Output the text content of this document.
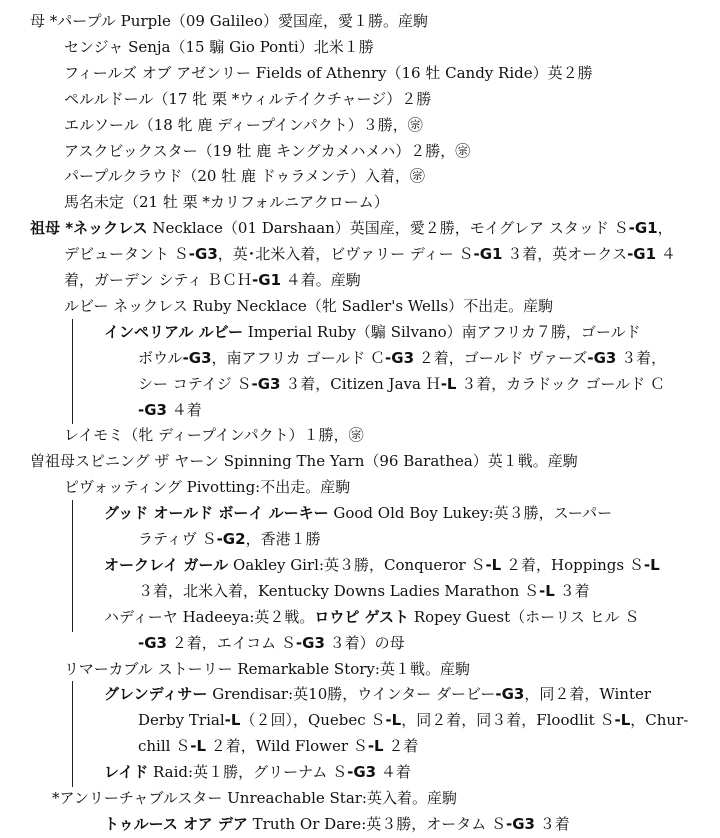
母 *パープル Purple（09 Galileo）愛国産，愛１勝。産駒
センジャ Senja（15 騸 Gio Ponti）北米１勝
フィールズ オブ アゼンリー Fields of Athenry（16 牡 Candy Ride）英２勝
ペルルドール（17 牝 栗 *ウィルテイクチャージ）２勝
エルソール（18 牝 鹿 ディープインパクト）３勝，㊪
アスクビックスター（19 牡 鹿 キングカメハメハ）２勝，㊪
パープルクラウド（20 牡 鹿 ドゥラメンテ）入着，㊪
馬名未定（21 牡 栗 *カリフォルニアクローム）
祖母 *ネックレス Necklace（01 Darshaan）英国産，愛２勝，モイグレア スタッド Ｓ-G1，
デビュータント Ｓ-G3，英･北米入着，ビヴァリー ディー Ｓ-G1 ３着，英オークス-G1 ４
着，ガーデン シティ ＢＣＨ-G1 ４着。産駒
ルビー ネックレス Ruby Necklace（牝 Sadler's Wells）不出走。産駒
インペリアル ルビー Imperial Ruby（騸 Silvano）南アフリカ７勝，ゴールド
ボウル-G3，南アフリカ ゴールド Ｃ-G3 ２着，ゴールド ヴァーズ-G3 ３着，
シー コテイジ Ｓ-G3 ３着，Citizen Java Ｈ-L ３着，カラドック ゴールド Ｃ
-G3 ４着
レイモミ（牝 ディープインパクト）１勝，㊪
曽祖母スピニング ザ ヤーン Spinning The Yarn（96 Barathea）英１戦。産駒
ピヴォッティング Pivotting:不出走。産駒
グッド オールド ボーイ ルーキー Good Old Boy Lukey:英３勝，スーパー
ラティヴ Ｓ-G2，香港１勝
オークレイ ガール Oakley Girl:英３勝，Conqueror Ｓ-L ２着，Hoppings Ｓ-L
３着，北米入着，Kentucky Downs Ladies Marathon Ｓ-L ３着
ハディーヤ Hadeeya:英２戦。ロウピ ゲスト Ropey Guest（ホーリス ヒル Ｓ
-G3 ２着，エイコム Ｓ-G3 ３着）の母
リマーカブル ストーリー Remarkable Story:英１戦。産駒
グレンディサー Grendisar:英10勝，ウインター ダービー-G3，同２着，Winter
Derby Trial-L（２回），Quebec Ｓ-L，同２着，同３着，Floodlit Ｓ-L，Chur-
chill Ｓ-L ２着，Wild Flower Ｓ-L ２着
レイド Raid:英１勝，グリーナム Ｓ-G3 ４着
*アンリーチャブルスター Unreachable Star:英入着。産駒
トゥルース オア デア Truth Or Dare:英３勝，オータム Ｓ-G3 ３着
